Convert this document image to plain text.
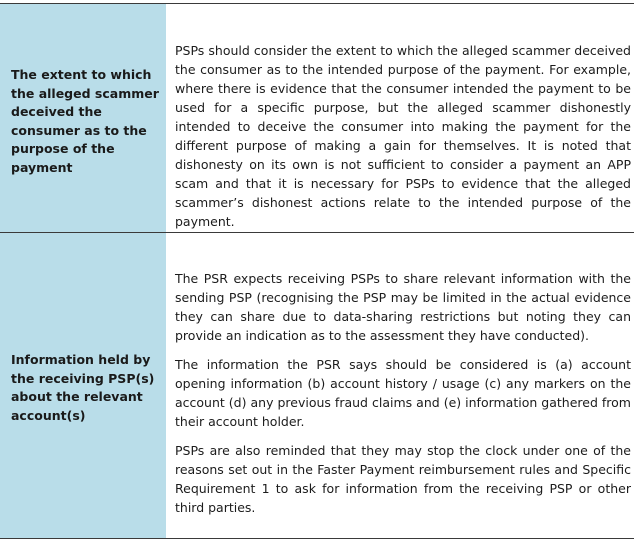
The extent to which the alleged scammer deceived the consumer as to the purpose of the payment

PSPs should consider the extent to which the alleged scammer deceived the consumer as to the intended purpose of the payment. For example, where there is evidence that the consumer intended the payment to be used for a specific purpose, but the alleged scammer dishonestly intended to deceive the consumer into making the payment for the different purpose of making a gain for themselves. It is noted that dishonesty on its own is not sufficient to consider a payment an APP scam and that it is necessary for PSPs to evidence that the alleged scammer’s dishonest actions relate to the intended purpose of the payment.

Information held by the receiving PSP(s) about the relevant account(s)

The PSR expects receiving PSPs to share relevant information with the sending PSP (recognising the PSP may be limited in the actual evidence they can share due to data-sharing restrictions but noting they can provide an indication as to the assessment they have conducted).

The information the PSR says should be considered is (a) account opening information (b) account history / usage (c) any markers on the account (d) any previous fraud claims and (e) information gathered from their account holder.

PSPs are also reminded that they may stop the clock under one of the reasons set out in the Faster Payment reimbursement rules and Specific Requirement 1 to ask for information from the receiving PSP or other third parties.
